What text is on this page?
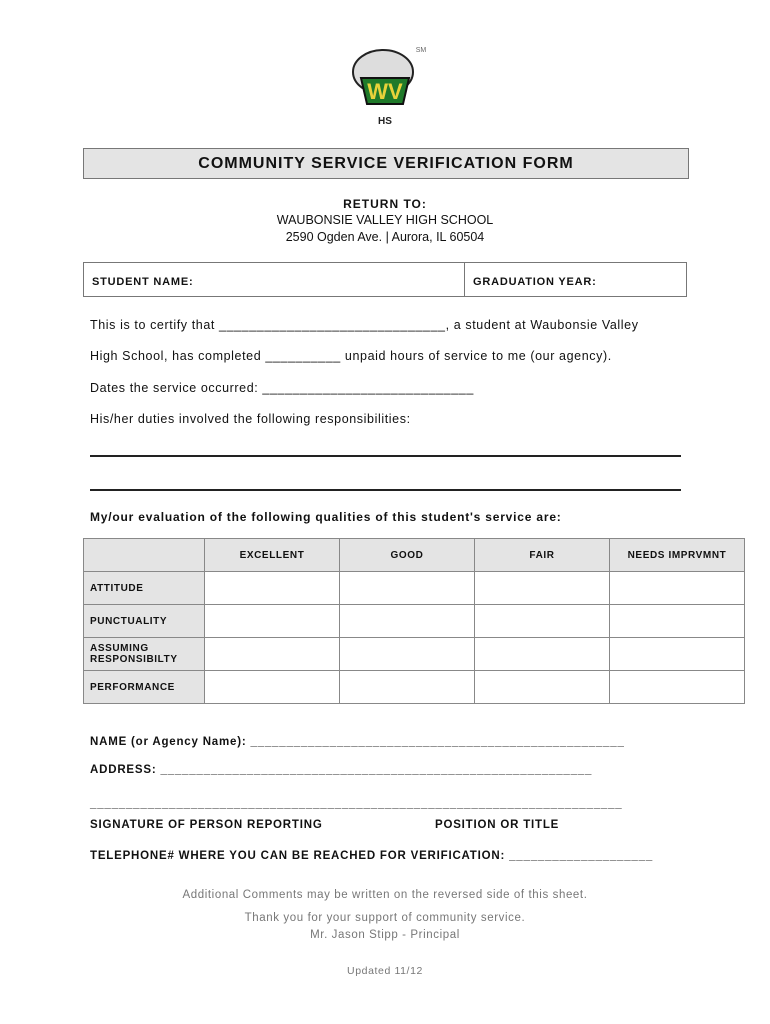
WV
HS
SM
COMMUNITY SERVICE VERIFICATION FORM
RETURN TO:
WAUBONSIE VALLEY HIGH SCHOOL
2590 Ogden Ave. | Aurora, IL 60504
STUDENT NAME:	GRADUATION YEAR:
This is to certify that ______________________________, a student at Waubonsie Valley
High School, has completed __________ unpaid hours of service to me (our agency).
Dates the service occurred: ____________________________
His/her duties involved the following responsibilities:
My/our evaluation of the following qualities of this student's service are:
	EXCELLENT	GOOD	FAIR	NEEDS IMPRVMNT
ATTITUDE				
PUNCTUALITY				
ASSUMING RESPONSIBILTY				
PERFORMANCE				
NAME (or Agency Name): ____________________________________________________
ADDRESS: ____________________________________________________________
__________________________________________________________________________
SIGNATURE OF PERSON REPORTING	POSITION OR TITLE
TELEPHONE# WHERE YOU CAN BE REACHED FOR VERIFICATION: ____________________
Additional Comments may be written on the reversed side of this sheet.
Thank you for your support of community service.
Mr. Jason Stipp - Principal
Updated 11/12
